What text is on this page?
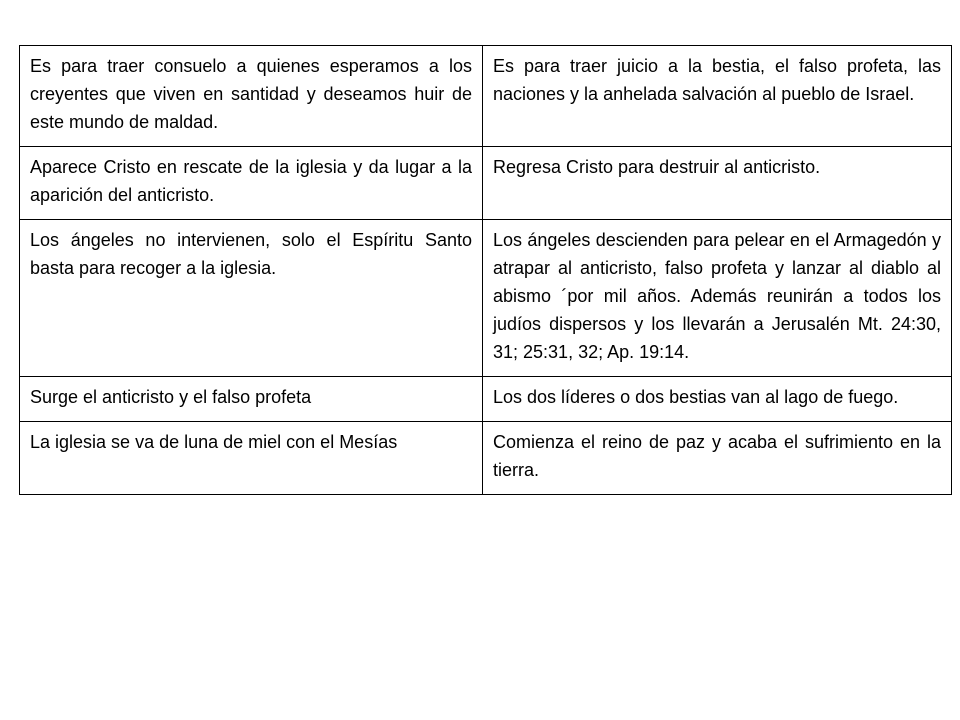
Es para traer consuelo a quienes esperamos a los creyentes que viven en santidad y deseamos huir de este mundo de maldad.	Es para traer juicio a la bestia, el falso profeta, las naciones y la anhelada salvación al pueblo de Israel.
Aparece Cristo en rescate de la iglesia y da lugar a la aparición del anticristo.	Regresa Cristo para destruir al anticristo.
Los ángeles no intervienen, solo el Espíritu Santo basta para recoger a la iglesia.	Los ángeles descienden para pelear en el Armagedón y atrapar al anticristo, falso profeta y lanzar al diablo al abismo ´por mil años. Además reunirán a todos los judíos dispersos y los llevarán a Jerusalén Mt. 24:30, 31; 25:31, 32; Ap. 19:14.
Surge el anticristo y el falso profeta	Los dos líderes o dos bestias van al lago de fuego.
La iglesia se va de luna de miel con el Mesías	Comienza el reino de paz y acaba el sufrimiento en la tierra.
